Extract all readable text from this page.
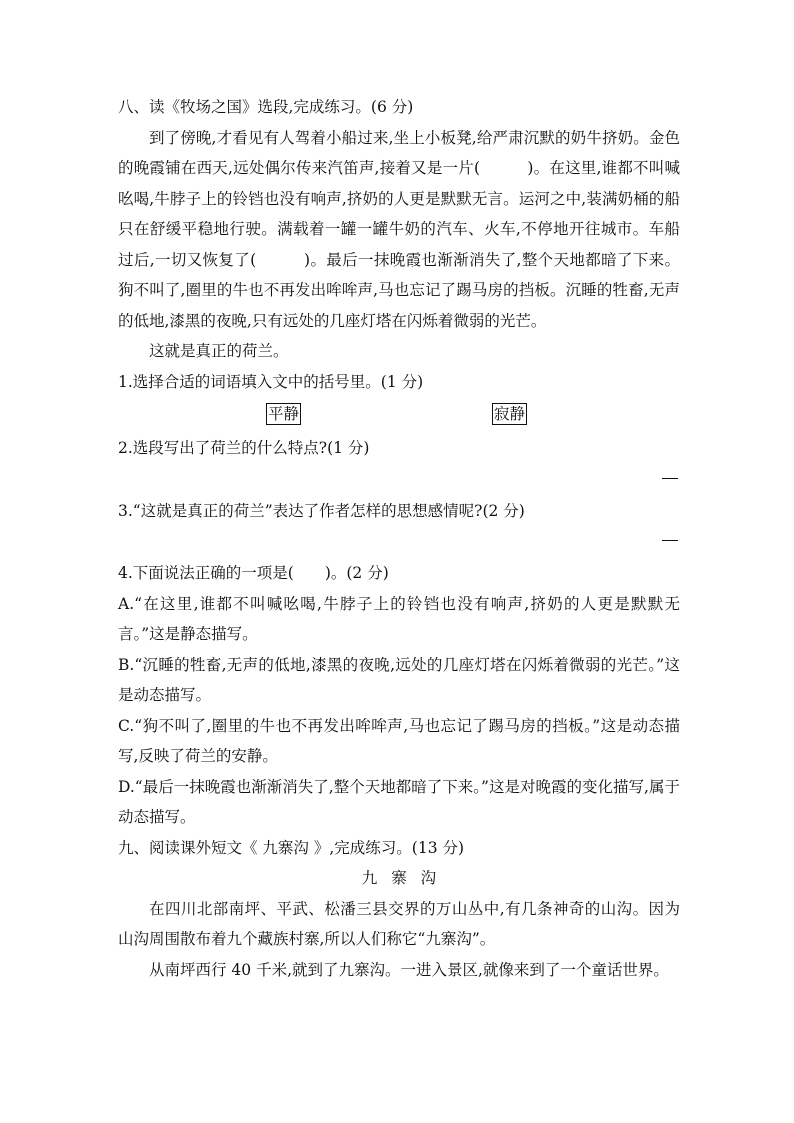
八、读《牧场之国》选段,完成练习。(6 分)
到了傍晚,才看见有人驾着小船过来,坐上小板凳,给严肃沉默的奶牛挤奶。金色的晚霞铺在西天,远处偶尔传来汽笛声,接着又是一片(　　　)。在这里,谁都不叫喊吆喝,牛脖子上的铃铛也没有响声,挤奶的人更是默默无言。运河之中,装满奶桶的船只在舒缓平稳地行驶。满载着一罐一罐牛奶的汽车、火车,不停地开往城市。车船过后,一切又恢复了(　　　)。最后一抹晚霞也渐渐消失了,整个天地都暗了下来。狗不叫了,圈里的牛也不再发出哞哞声,马也忘记了踢马房的挡板。沉睡的牲畜,无声的低地,漆黑的夜晚,只有远处的几座灯塔在闪烁着微弱的光芒。
这就是真正的荷兰。
1.选择合适的词语填入文中的括号里。(1 分)
平静	寂静
2.选段写出了荷兰的什么特点?(1 分)
3.“这就是真正的荷兰”表达了作者怎样的思想感情呢?(2 分)
4.下面说法正确的一项是(　　)。(2 分)
A.“在这里,谁都不叫喊吆喝,牛脖子上的铃铛也没有响声,挤奶的人更是默默无言。”这是静态描写。
B.“沉睡的牲畜,无声的低地,漆黑的夜晚,远处的几座灯塔在闪烁着微弱的光芒。”这是动态描写。
C.“狗不叫了,圈里的牛也不再发出哞哞声,马也忘记了踢马房的挡板。”这是动态描写,反映了荷兰的安静。
D.“最后一抹晚霞也渐渐消失了,整个天地都暗了下来。”这是对晚霞的变化描写,属于动态描写。
九、阅读课外短文《 九寨沟 》,完成练习。(13 分)
九寨沟
在四川北部南坪、平武、松潘三县交界的万山丛中,有几条神奇的山沟。因为山沟周围散布着九个藏族村寨,所以人们称它“九寨沟”。
从南坪西行 40 千米,就到了九寨沟。一进入景区,就像来到了一个童话世界。
